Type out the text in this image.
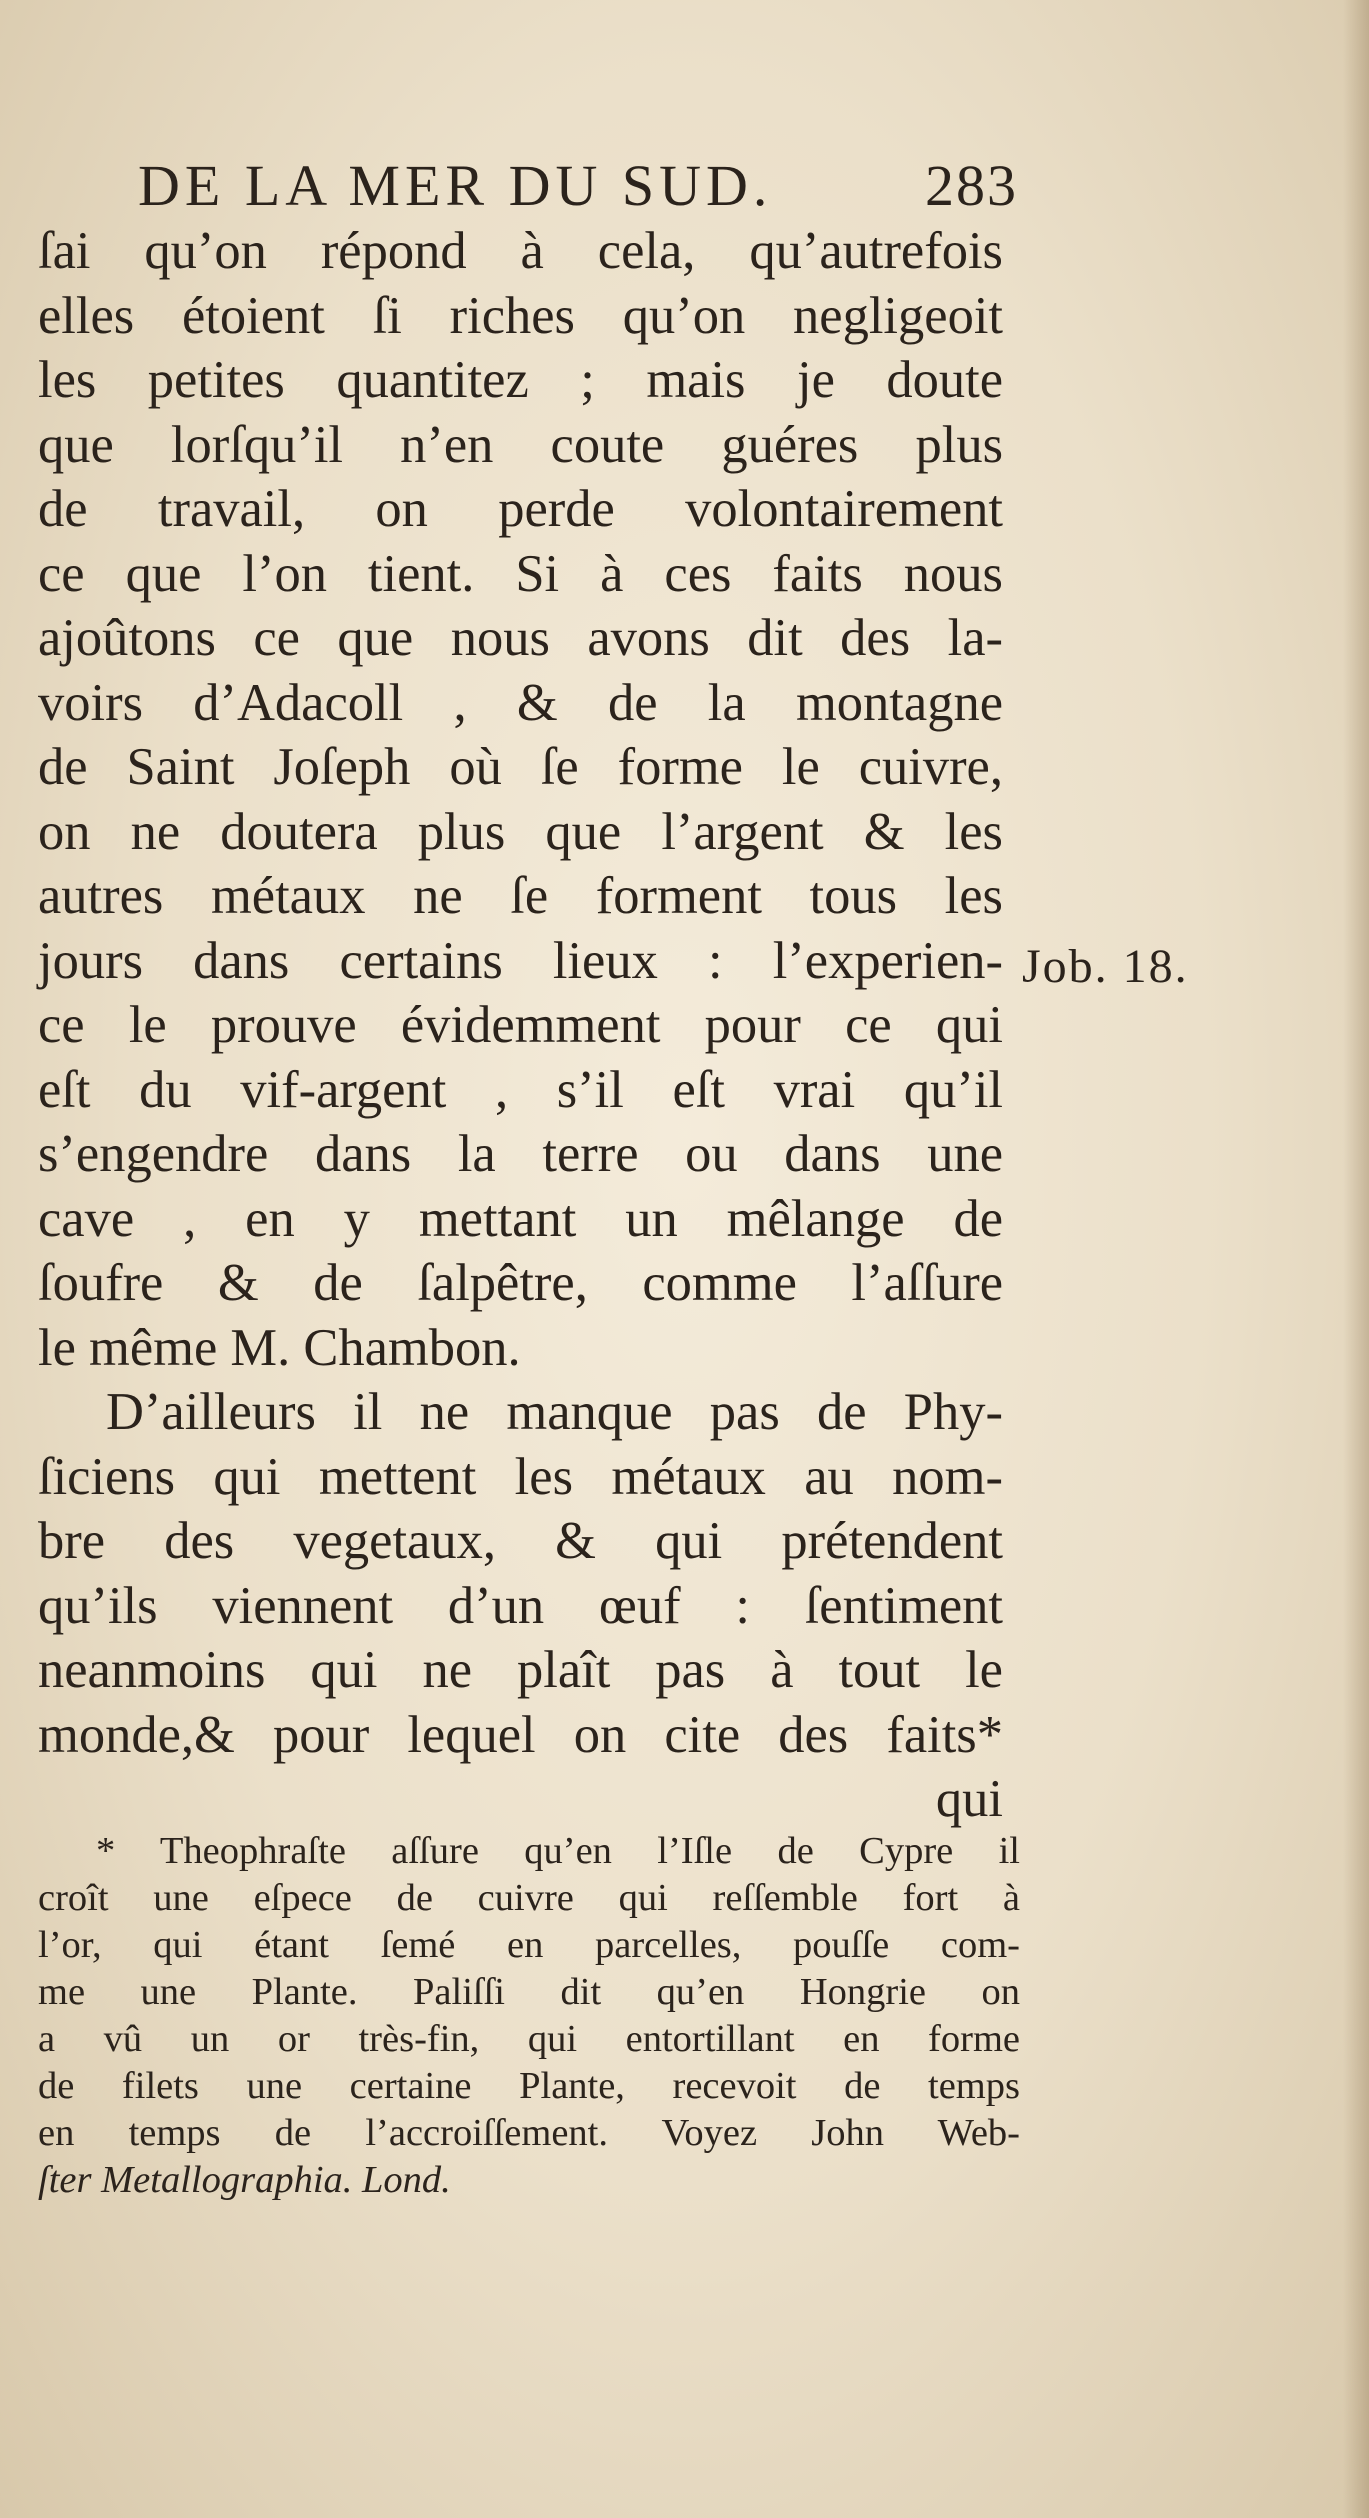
DE LA MER DU SUD.	283
ſai qu’on répond à cela, qu’autrefois
elles étoient ſi riches qu’on negligeoit
les petites quantitez ; mais je doute
que lorſqu’il n’en coute guéres plus
de travail, on perde volontairement
ce que l’on tient. Si à ces faits nous
ajoûtons ce que nous avons dit des la-
voirs d’Adacoll , & de la montagne
de Saint Joſeph où ſe forme le cuivre,
on ne doutera plus que l’argent & les
autres métaux ne ſe forment tous les
jours dans certains lieux : l’experien-
ce le prouve évidemment pour ce qui
eſt du vif-argent , s’il eſt vrai qu’il
s’engendre dans la terre ou dans une
cave , en y mettant un mêlange de
ſoufre & de ſalpêtre, comme l’aſſure
le même M. Chambon.
D’ailleurs il ne manque pas de Phy-
ſiciens qui mettent les métaux au nom-
bre des vegetaux, & qui prétendent
qu’ils viennent d’un œuf : ſentiment
neanmoins qui ne plaît pas à tout le
monde,& pour lequel on cite des faits*
qui
Job. 18.
* Theophraſte aſſure qu’en l’Iſle de Cypre il
croît une eſpece de cuivre qui reſſemble fort à
l’or, qui étant ſemé en parcelles, pouſſe com-
me une Plante. Paliſſi dit qu’en Hongrie on
a vû un or très-fin, qui entortillant en forme
de filets une certaine Plante, recevoit de temps
en temps de l’accroiſſement. Voyez John Web-
ſter Metallographia. Lond.
